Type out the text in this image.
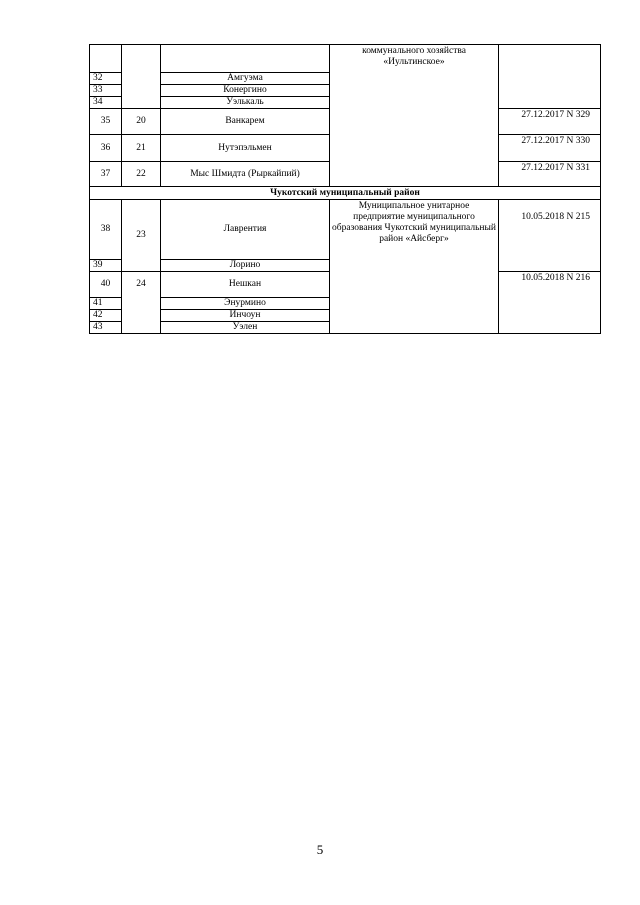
			коммунального хозяйства «Иультинское»	
32		Амгуэма		
33		Конергино		
34		Уэлькаль		
35	20	Ванкарем		27.12.2017 N 329
36	21	Нутэпэльмен		27.12.2017 N 330
37	22	Мыс Шмидта (Рыркайпий)		27.12.2017 N 331
Чукотский муниципальный район				
38	23	Лаврентия	Муниципальное унитарное предприятие муниципального образования Чукотский муниципальный район «Айсберг»	10.05.2018 N 215
39		Лорино		
40	24	Нешкан		10.05.2018 N 216
41		Энурмино		
42		Инчоун		
43		Уэлен		
5
